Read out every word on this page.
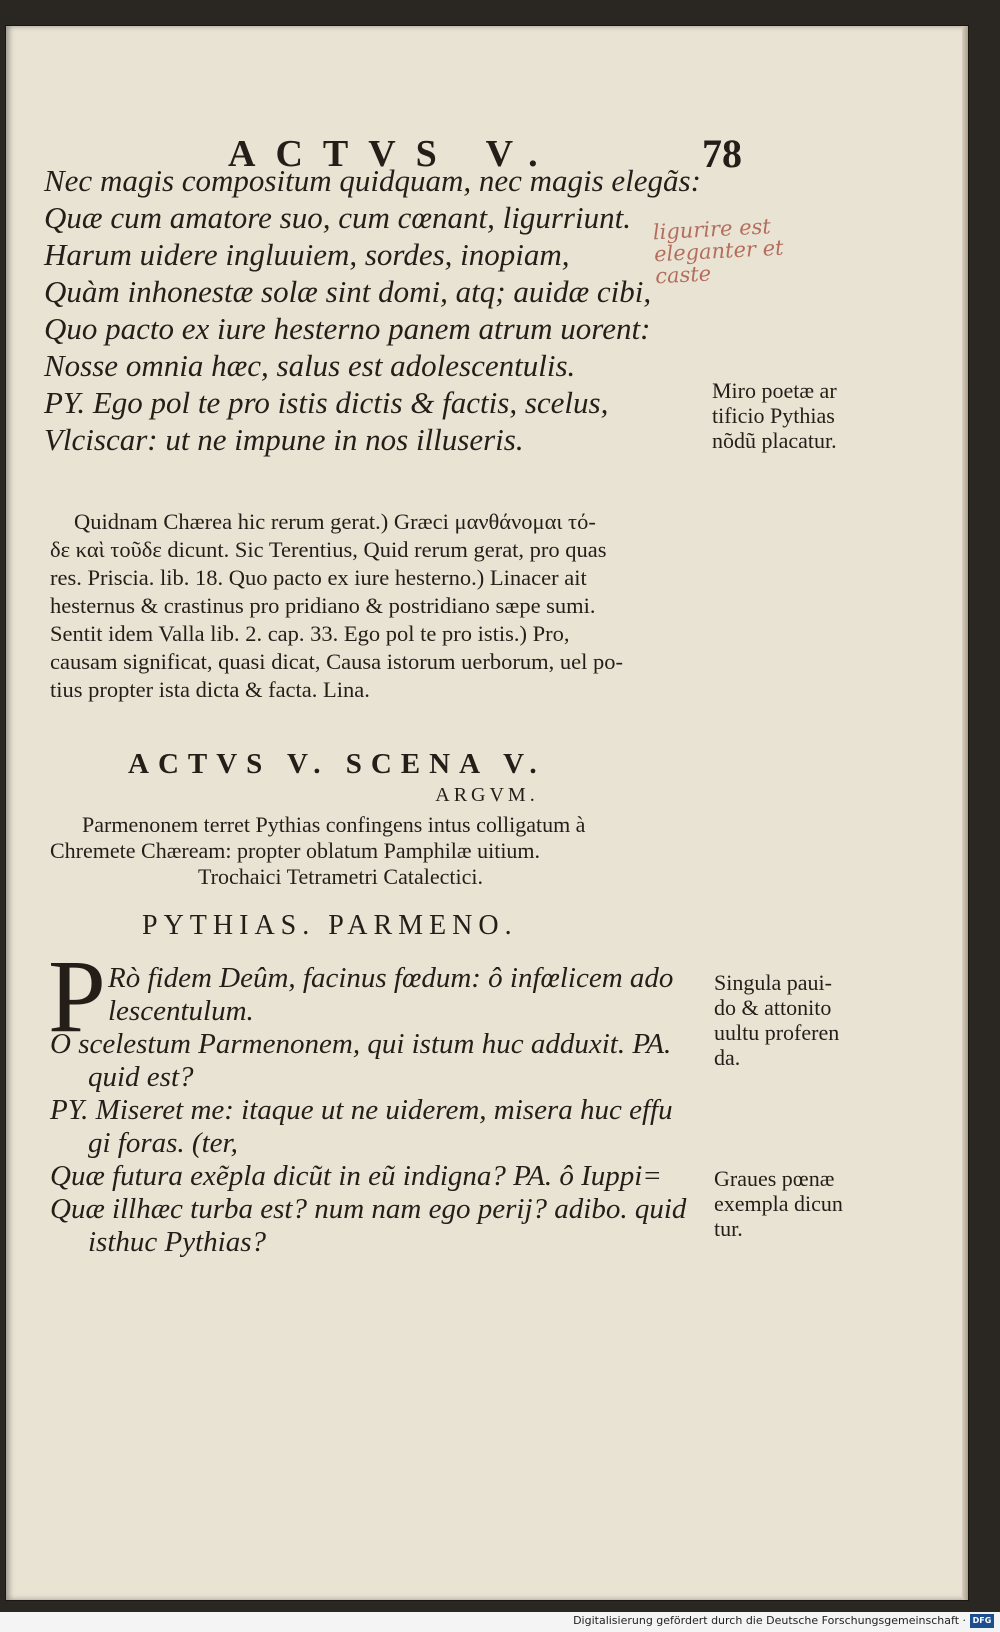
ACTVS V.	78
Nec magis compositum quidquam, nec magis elegãs:
Quæ cum amatore suo, cum cœnant, ligurriunt.
Harum uidere ingluuiem, sordes, inopiam,
Quàm inhonestæ solæ sint domi, atq; auidæ cibi,
Quo pacto ex iure hesterno panem atrum uorent:
Nosse omnia hæc, salus est adolescentulis.
PY. Ego pol te pro istis dictis & factis, scelus,
Vlciscar: ut ne impune in nos illuseris.
ligurire est
eleganter et
caste
Miro poetæ ar
tificio Pythias
nõdũ placatur.
Quidnam Chærea hic rerum gerat.) Græci μανθάνομαι τό-
δε καὶ τοῦδε dicunt. Sic Terentius, Quid rerum gerat, pro quas
res. Priscia. lib. 18. Quo pacto ex iure hesterno.) Linacer ait
hesternus & crastinus pro pridiano & postridiano sæpe sumi.
Sentit idem Valla lib. 2. cap. 33. Ego pol te pro istis.) Pro,
causam significat, quasi dicat, Causa istorum uerborum, uel po-
tius propter ista dicta & facta. Lina.
ACTVS V. SCENA V.
ARGVM.
Parmenonem terret Pythias confingens intus colligatum à
Chremete Chæream: propter oblatum Pamphilæ uitium.
Trochaici Tetrametri Catalectici.
PYTHIAS. PARMENO.
P Rò fidem Deûm, facinus fœdum: ô infœlicem ado
lescentulum.
O scelestum Parmenonem, qui istum huc adduxit. PA.
quid est?
PY. Miseret me: itaque ut ne uiderem, misera huc effu
gi foras. (ter,
Quæ futura exẽpla dicũt in eũ indigna? PA. ô Iuppi=
Quæ illhæc turba est? num nam ego perij? adibo. quid
isthuc Pythias?
Singula paui-
do & attonito
uultu proferen
da.
Graues pœnæ
exempla dicun
tur.
Digitalisierung gefördert durch die Deutsche Forschungsgemeinschaft · DFG
